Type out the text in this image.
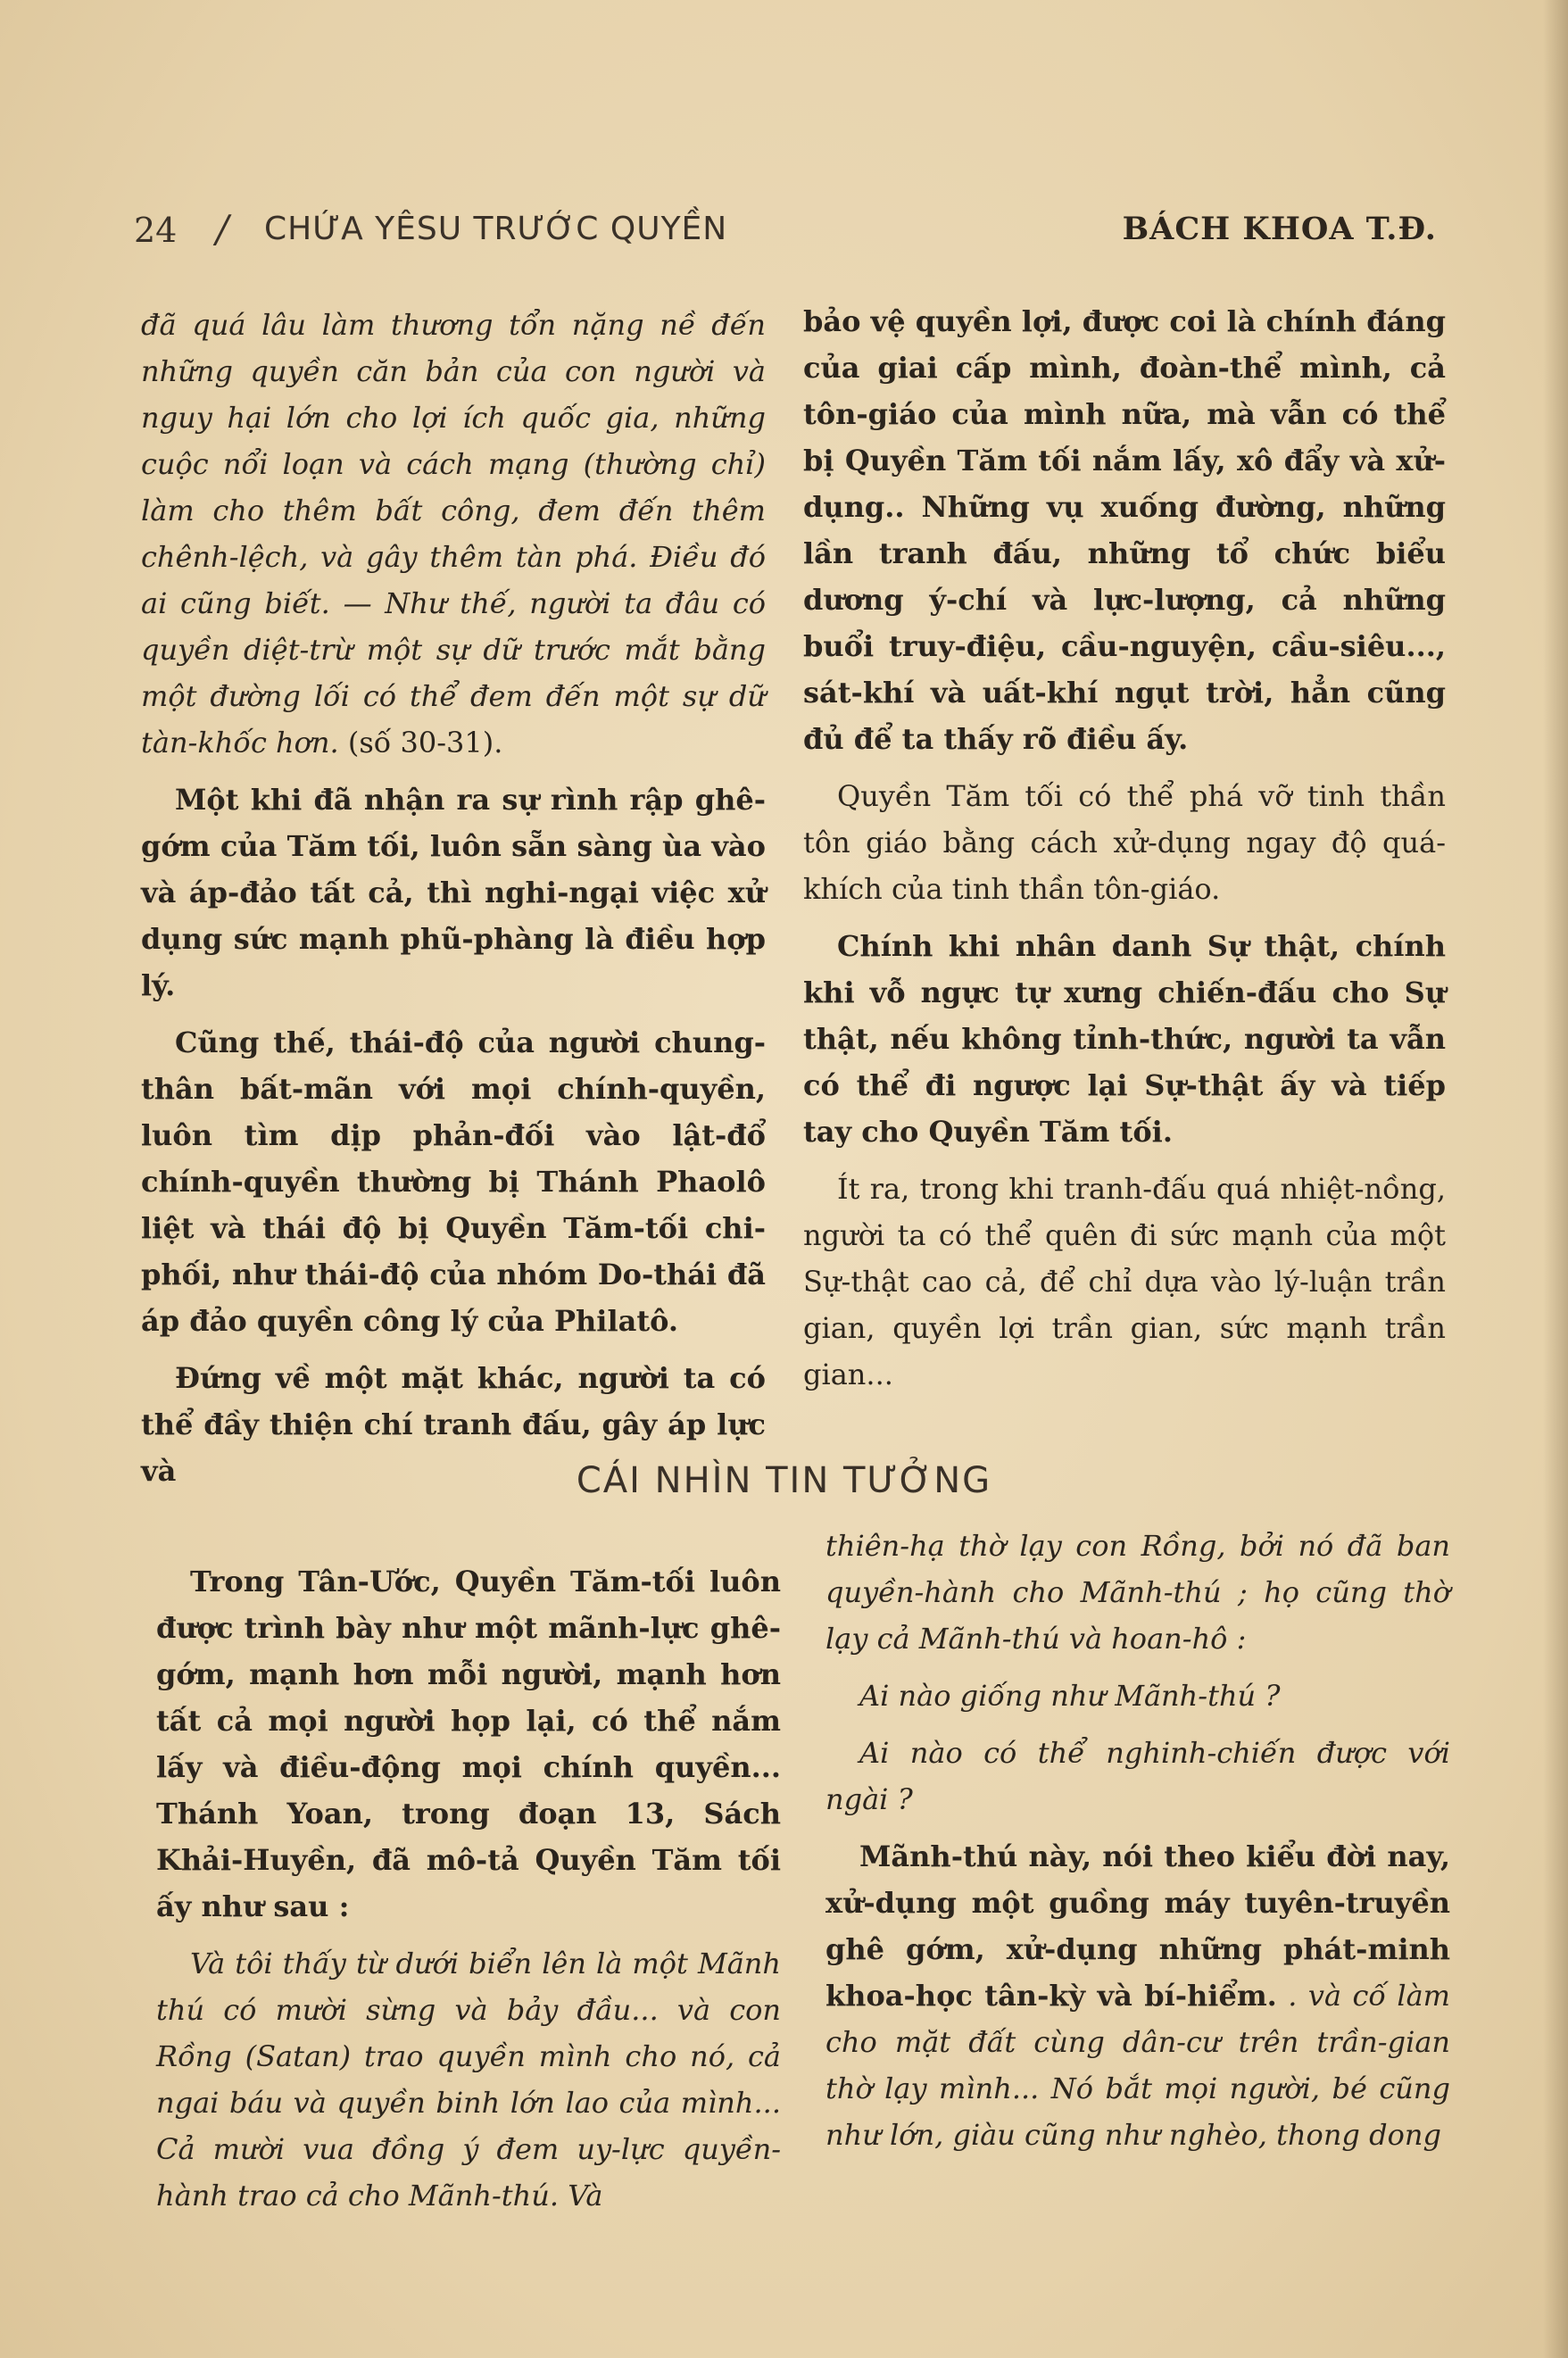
24 / CHỨA YÊSU TRƯỚC QUYỀN	BÁCH KHOA T.Đ.

đã quá lâu làm thương tổn nặng nề đến những quyền căn bản của con người và nguy hại lớn cho lợi ích quốc gia, những cuộc nổi loạn và cách mạng (thường chỉ) làm cho thêm bất công, đem đến thêm chênh-lệch, và gây thêm tàn phá. Điều đó ai cũng biết. — Như thế, người ta đâu có quyền diệt-trừ một sự dữ trước mắt bằng một đường lối có thể đem đến một sự dữ tàn-khốc hơn. (số 30-31).

Một khi đã nhận ra sự rình rập ghê-gớm của Tăm tối, luôn sẵn sàng ùa vào và áp-đảo tất cả, thì nghi-ngại việc xử dụng sức mạnh phũ-phàng là điều hợp lý.

Cũng thế, thái-độ của người chung-thân bất-mãn với mọi chính-quyền, luôn tìm dịp phản-đối vào lật-đổ chính-quyền thường bị Thánh Phaolô liệt và thái độ bị Quyền Tăm-tối chi-phối, như thái-độ của nhóm Do-thái đã áp đảo quyền công lý của Philatô.

Đứng về một mặt khác, người ta có thể đầy thiện chí tranh đấu, gây áp lực và

bảo vệ quyền lợi, được coi là chính đáng của giai cấp mình, đoàn-thể mình, cả tôn-giáo của mình nữa, mà vẫn có thể bị Quyền Tăm tối nắm lấy, xô đẩy và xử-dụng.. Những vụ xuống đường, những lần tranh đấu, những tổ chức biểu dương ý-chí và lực-lượng, cả những buổi truy-điệu, cầu-nguyện, cầu-siêu..., sát-khí và uất-khí ngụt trời, hẳn cũng đủ để ta thấy rõ điều ấy.

Quyền Tăm tối có thể phá vỡ tinh thần tôn giáo bằng cách xử-dụng ngay độ quá-khích của tinh thần tôn-giáo.

Chính khi nhân danh Sự thật, chính khi vỗ ngực tự xưng chiến-đấu cho Sự thật, nếu không tỉnh-thức, người ta vẫn có thể đi ngược lại Sự-thật ấy và tiếp tay cho Quyền Tăm tối.

Ít ra, trong khi tranh-đấu quá nhiệt-nồng, người ta có thể quên đi sức mạnh của một Sự-thật cao cả, để chỉ dựa vào lý-luận trần gian, quyền lợi trần gian, sức mạnh trần gian...

CÁI NHÌN TIN TƯỞNG

Trong Tân-Ước, Quyền Tăm-tối luôn được trình bày như một mãnh-lực ghê-gớm, mạnh hơn mỗi người, mạnh hơn tất cả mọi người họp lại, có thể nắm lấy và điều-động mọi chính quyền... Thánh Yoan, trong đoạn 13, Sách Khải-Huyền, đã mô-tả Quyền Tăm tối ấy như sau :

Và tôi thấy từ dưới biển lên là một Mãnh thú có mười sừng và bảy đầu... và con Rồng (Satan) trao quyền mình cho nó, cả ngai báu và quyền binh lớn lao của mình... Cả mười vua đồng ý đem uy-lực quyền-hành trao cả cho Mãnh-thú. Và

thiên-hạ thờ lạy con Rồng, bởi nó đã ban quyền-hành cho Mãnh-thú ; họ cũng thờ lạy cả Mãnh-thú và hoan-hô :

Ai nào giống như Mãnh-thú ?

Ai nào có thể nghinh-chiến được với ngài ?

Mãnh-thú này, nói theo kiểu đời nay, xử-dụng một guồng máy tuyên-truyền ghê gớm, xử-dụng những phát-minh khoa-học tân-kỳ và bí-hiểm. . và cố làm cho mặt đất cùng dân-cư trên trần-gian thờ lạy mình... Nó bắt mọi người, bé cũng như lớn, giàu cũng như nghèo, thong dong
